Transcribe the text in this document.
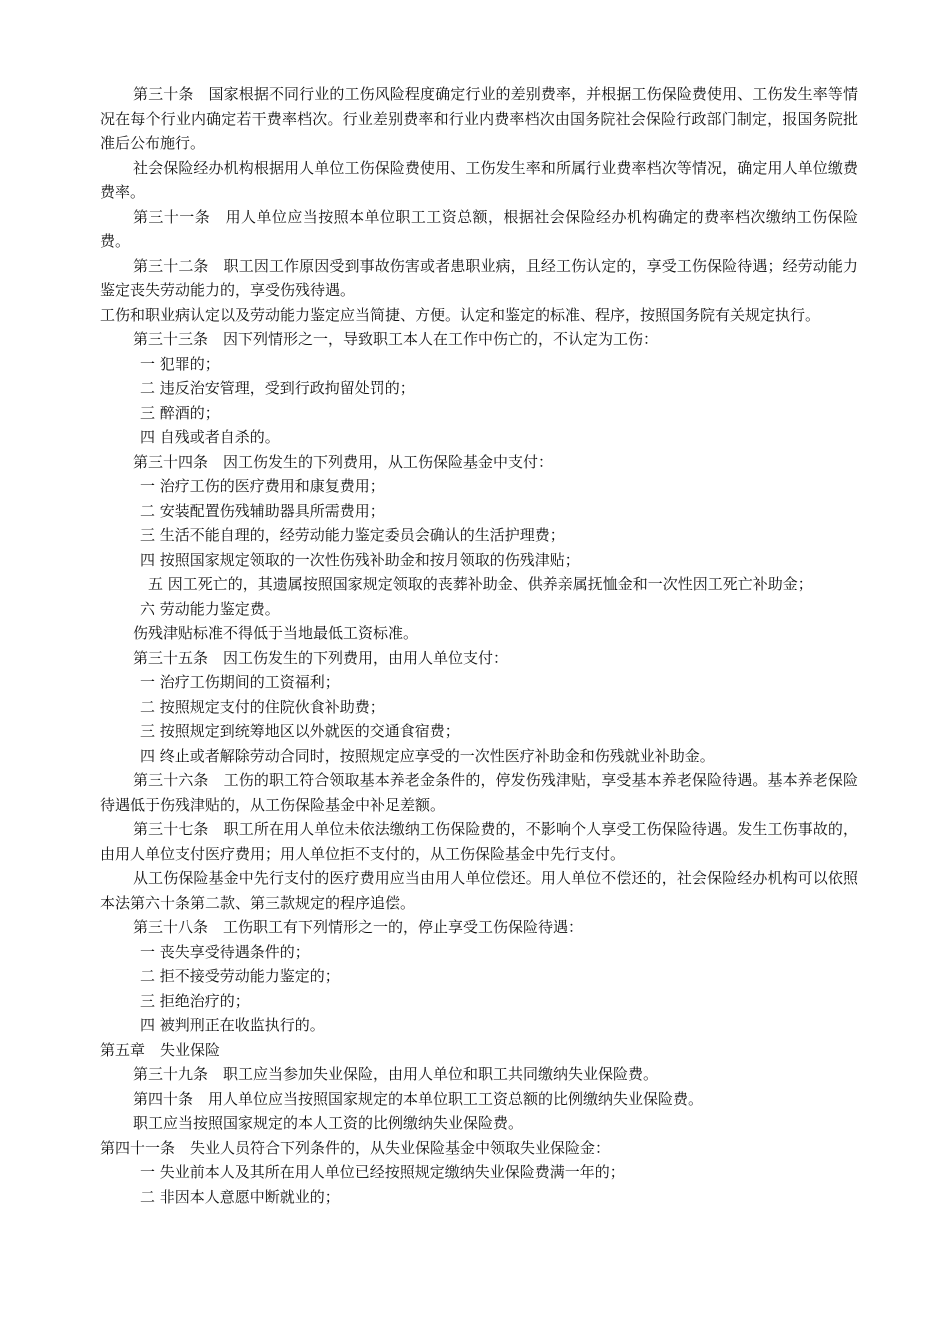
第三十条　国家根据不同行业的工伤风险程度确定行业的差别费率，并根据工伤保险费使用、工伤发生率等情况在每个行业内确定若干费率档次。行业差别费率和行业内费率档次由国务院社会保险行政部门制定，报国务院批准后公布施行。

社会保险经办机构根据用人单位工伤保险费使用、工伤发生率和所属行业费率档次等情况，确定用人单位缴费费率。

第三十一条　用人单位应当按照本单位职工工资总额，根据社会保险经办机构确定的费率档次缴纳工伤保险费。

第三十二条　职工因工作原因受到事故伤害或者患职业病，且经工伤认定的，享受工伤保险待遇；经劳动能力鉴定丧失劳动能力的，享受伤残待遇。

工伤和职业病认定以及劳动能力鉴定应当简捷、方便。认定和鉴定的标准、程序，按照国务院有关规定执行。

第三十三条　因下列情形之一，导致职工本人在工作中伤亡的，不认定为工伤：

一 犯罪的；

二 违反治安管理，受到行政拘留处罚的；

三 醉酒的；

四 自残或者自杀的。

第三十四条　因工伤发生的下列费用，从工伤保险基金中支付：

一 治疗工伤的医疗费用和康复费用；

二 安装配置伤残辅助器具所需费用；

三 生活不能自理的，经劳动能力鉴定委员会确认的生活护理费；

四 按照国家规定领取的一次性伤残补助金和按月领取的伤残津贴；

　五 因工死亡的，其遗属按照国家规定领取的丧葬补助金、供养亲属抚恤金和一次性因工死亡补助金；

六 劳动能力鉴定费。

伤残津贴标准不得低于当地最低工资标准。

第三十五条　因工伤发生的下列费用，由用人单位支付：

一 治疗工伤期间的工资福利；

二 按照规定支付的住院伙食补助费；

三 按照规定到统筹地区以外就医的交通食宿费；

四 终止或者解除劳动合同时，按照规定应享受的一次性医疗补助金和伤残就业补助金。

第三十六条　工伤的职工符合领取基本养老金条件的，停发伤残津贴，享受基本养老保险待遇。基本养老保险待遇低于伤残津贴的，从工伤保险基金中补足差额。

第三十七条　职工所在用人单位未依法缴纳工伤保险费的，不影响个人享受工伤保险待遇。发生工伤事故的，由用人单位支付医疗费用；用人单位拒不支付的，从工伤保险基金中先行支付。

从工伤保险基金中先行支付的医疗费用应当由用人单位偿还。用人单位不偿还的，社会保险经办机构可以依照本法第六十条第二款、第三款规定的程序追偿。

第三十八条　工伤职工有下列情形之一的，停止享受工伤保险待遇：

一 丧失享受待遇条件的；

二 拒不接受劳动能力鉴定的；

三 拒绝治疗的；

四 被判刑正在收监执行的。

第五章　失业保险

第三十九条　职工应当参加失业保险，由用人单位和职工共同缴纳失业保险费。

第四十条　用人单位应当按照国家规定的本单位职工工资总额的比例缴纳失业保险费。

职工应当按照国家规定的本人工资的比例缴纳失业保险费。

第四十一条　失业人员符合下列条件的，从失业保险基金中领取失业保险金：

一 失业前本人及其所在用人单位已经按照规定缴纳失业保险费满一年的；

二 非因本人意愿中断就业的；
